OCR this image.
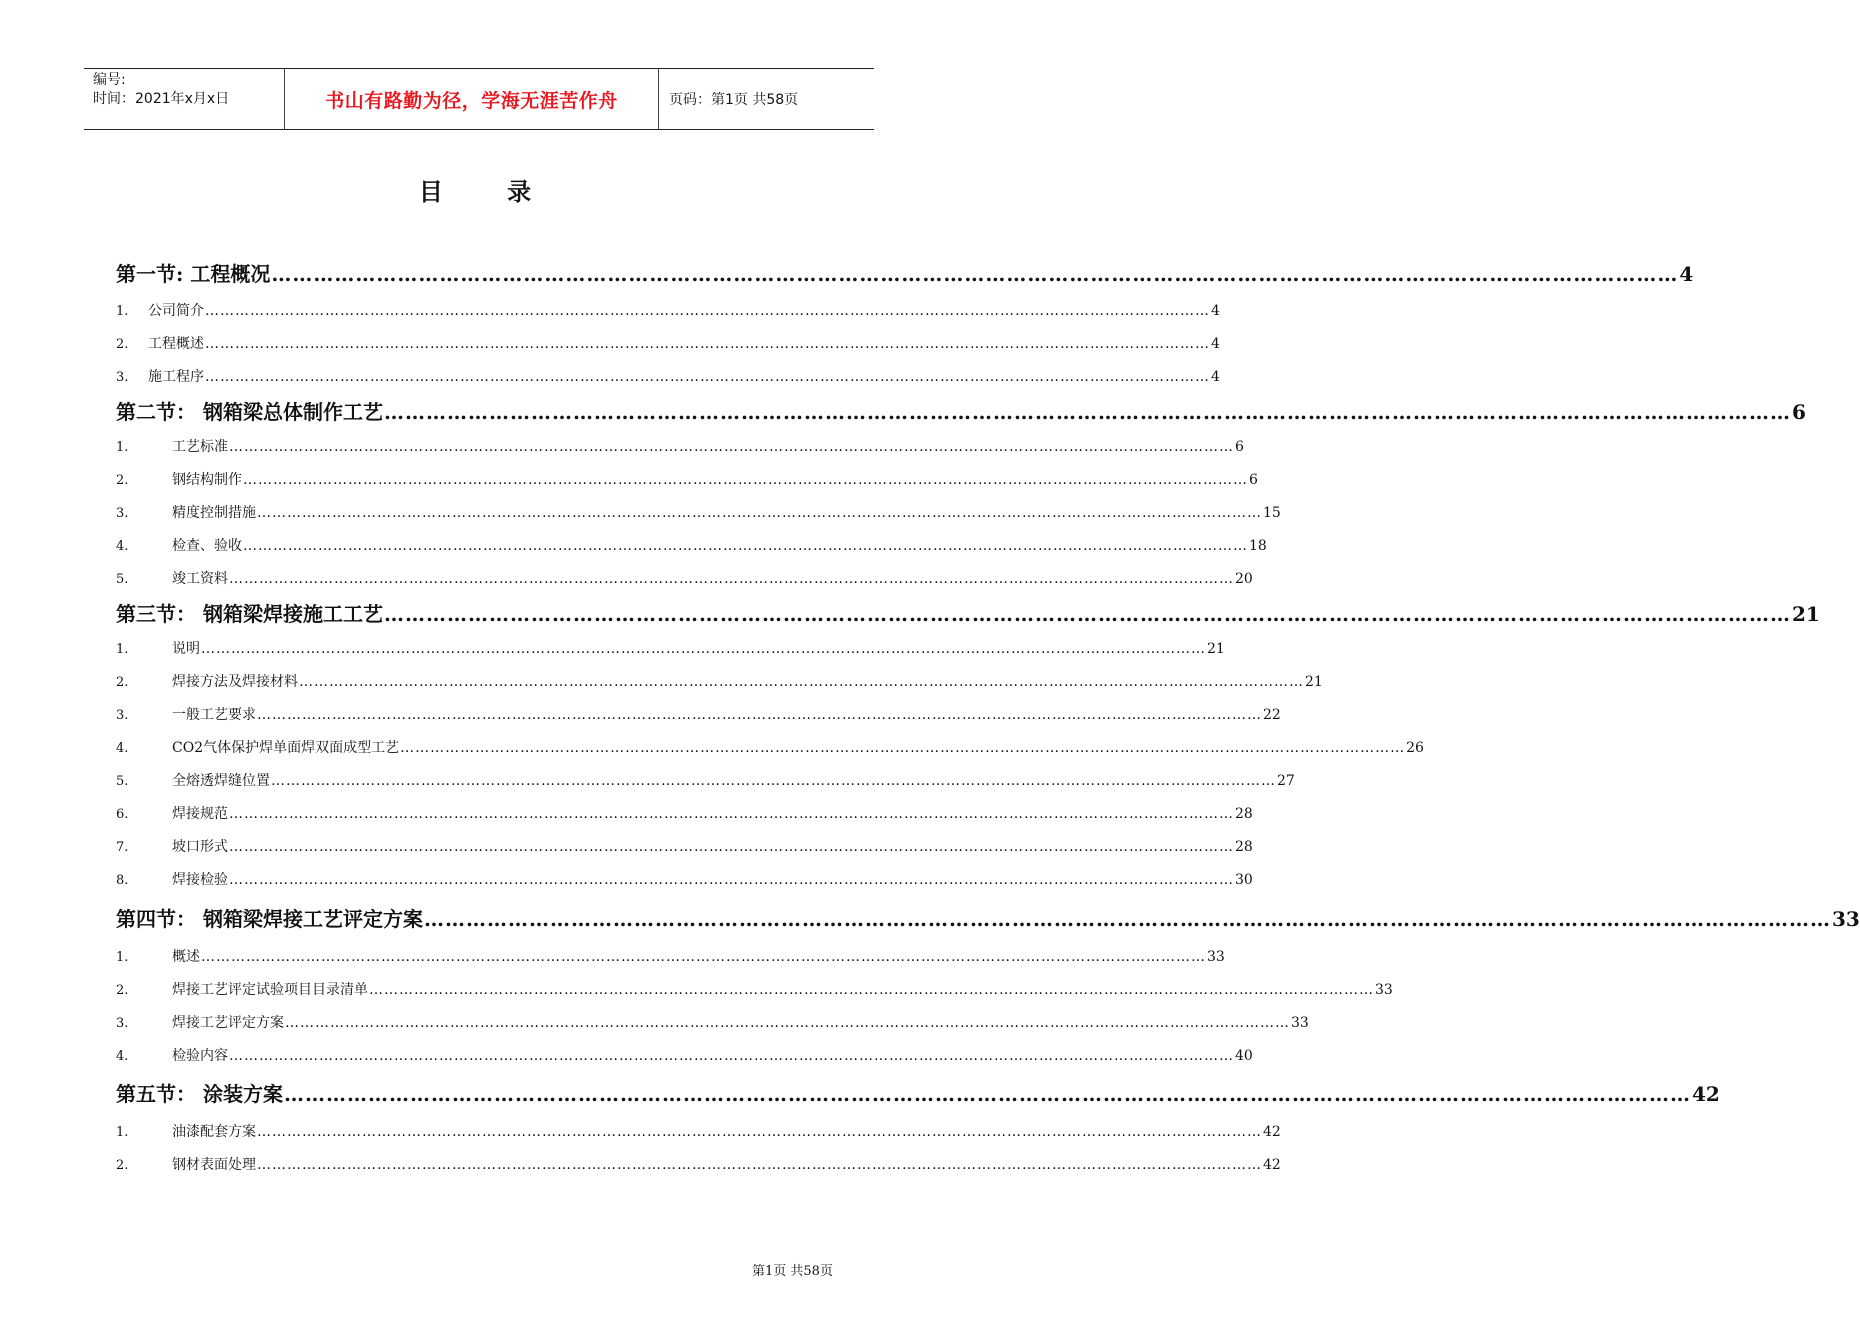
编号:
时间：2021年x月x日	书山有路勤为径，学海无涯苦作舟	页码：第1页 共58页
目 录
第一节: 工程概况 ………………………………………………………………………………………………………………………………………………………………………………… 4
1.	公司简介 ………………………………………………………………………………………………………………………………………………………………………………… 4
2.	工程概述 ………………………………………………………………………………………………………………………………………………………………………………… 4
3.	施工程序 ………………………………………………………………………………………………………………………………………………………………………………… 4
第二节： 钢箱梁总体制作工艺 ………………………………………………………………………………………………………………………………………………………………………………… 6
1.	工艺标准 ………………………………………………………………………………………………………………………………………………………………………………… 6
2.	钢结构制作 ………………………………………………………………………………………………………………………………………………………………………………… 6
3.	精度控制措施 ………………………………………………………………………………………………………………………………………………………………………………… 15
4.	检查、验收 ………………………………………………………………………………………………………………………………………………………………………………… 18
5.	竣工资料 ………………………………………………………………………………………………………………………………………………………………………………… 20
第三节： 钢箱梁焊接施工工艺 ………………………………………………………………………………………………………………………………………………………………………………… 21
1.	说明 ………………………………………………………………………………………………………………………………………………………………………………… 21
2.	焊接方法及焊接材料 ………………………………………………………………………………………………………………………………………………………………………………… 21
3.	一般工艺要求 ………………………………………………………………………………………………………………………………………………………………………………… 22
4.	CO2气体保护焊单面焊双面成型工艺 ………………………………………………………………………………………………………………………………………………………………………………… 26
5.	全熔透焊缝位置 ………………………………………………………………………………………………………………………………………………………………………………… 27
6.	焊接规范 ………………………………………………………………………………………………………………………………………………………………………………… 28
7.	坡口形式 ………………………………………………………………………………………………………………………………………………………………………………… 28
8.	焊接检验 ………………………………………………………………………………………………………………………………………………………………………………… 30
第四节： 钢箱梁焊接工艺评定方案 ………………………………………………………………………………………………………………………………………………………………………………… 33
1.	概述 ………………………………………………………………………………………………………………………………………………………………………………… 33
2.	焊接工艺评定试验项目目录清单 ………………………………………………………………………………………………………………………………………………………………………………… 33
3.	焊接工艺评定方案 ………………………………………………………………………………………………………………………………………………………………………………… 33
4.	检验内容 ………………………………………………………………………………………………………………………………………………………………………………… 40
第五节： 涂装方案 ………………………………………………………………………………………………………………………………………………………………………………… 42
1.	油漆配套方案 ………………………………………………………………………………………………………………………………………………………………………………… 42
2.	钢材表面处理 ………………………………………………………………………………………………………………………………………………………………………………… 42
第1页 共58页
